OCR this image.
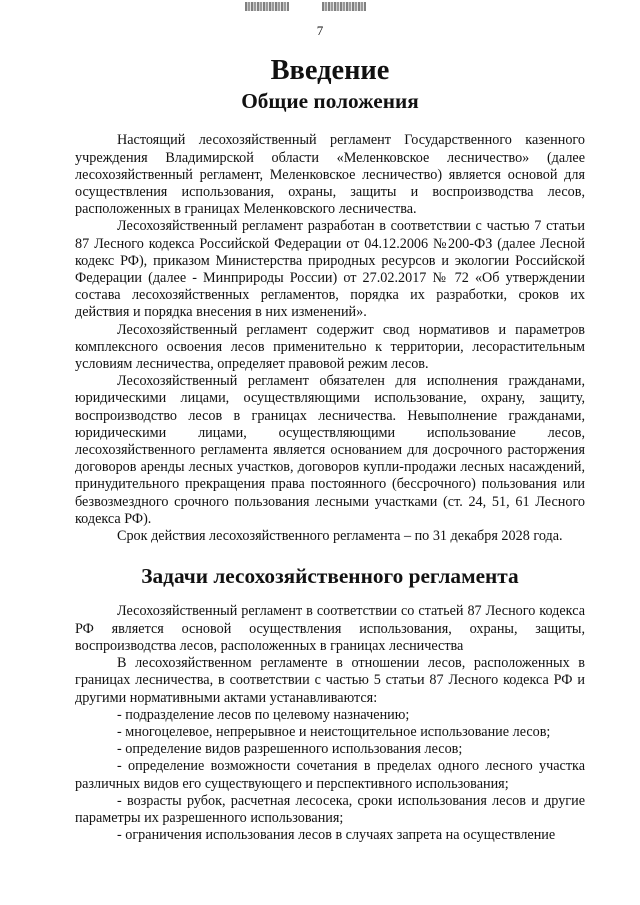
7
Введение
Общие положения

Настоящий лесохозяйственный регламент Государственного казенного учреждения Владимирской области «Меленковское лесничество» (далее лесохозяйственный регламент, Меленковское лесничество) является основой для осуществления использования, охраны, защиты и воспроизводства лесов, расположенных в границах Меленковского лесничества.

Лесохозяйственный регламент разработан в соответствии с частью 7 статьи 87 Лесного кодекса Российской Федерации от 04.12.2006 №200-ФЗ (далее Лесной кодекс РФ), приказом Министерства природных ресурсов и экологии Российской Федерации (далее - Минприроды России) от 27.02.2017 № 72 «Об утверждении состава лесохозяйственных регламентов, порядка их разработки, сроков их действия и порядка внесения в них изменений».

Лесохозяйственный регламент содержит свод нормативов и параметров комплексного освоения лесов применительно к территории, лесорастительным условиям лесничества, определяет правовой режим лесов.

Лесохозяйственный регламент обязателен для исполнения гражданами, юридическими лицами, осуществляющими использование, охрану, защиту, воспроизводство лесов в границах лесничества. Невыполнение гражданами, юридическими лицами, осуществляющими использование лесов, лесохозяйственного регламента является основанием для досрочного расторжения договоров аренды лесных участков, договоров купли-продажи лесных насаждений, принудительного прекращения права постоянного (бессрочного) пользования или безвозмездного срочного пользования лесными участками (ст. 24, 51, 61 Лесного кодекса РФ).

Срок действия лесохозяйственного регламента – по 31 декабря 2028 года.

Задачи лесохозяйственного регламента

Лесохозяйственный регламент в соответствии со статьей 87 Лесного кодекса РФ является основой осуществления использования, охраны, защиты, воспроизводства лесов, расположенных в границах лесничества

В лесохозяйственном регламенте в отношении лесов, расположенных в границах лесничества, в соответствии с частью 5 статьи 87 Лесного кодекса РФ и другими нормативными актами устанавливаются:

- подразделение лесов по целевому назначению;
- многоцелевое, непрерывное и неистощительное использование лесов;
- определение видов разрешенного использования лесов;
- определение возможности сочетания в пределах одного лесного участка различных видов его существующего и перспективного использования;
- возрасты рубок, расчетная лесосека, сроки использования лесов и другие параметры их разрешенного использования;
- ограничения использования лесов в случаях запрета на осуществление
